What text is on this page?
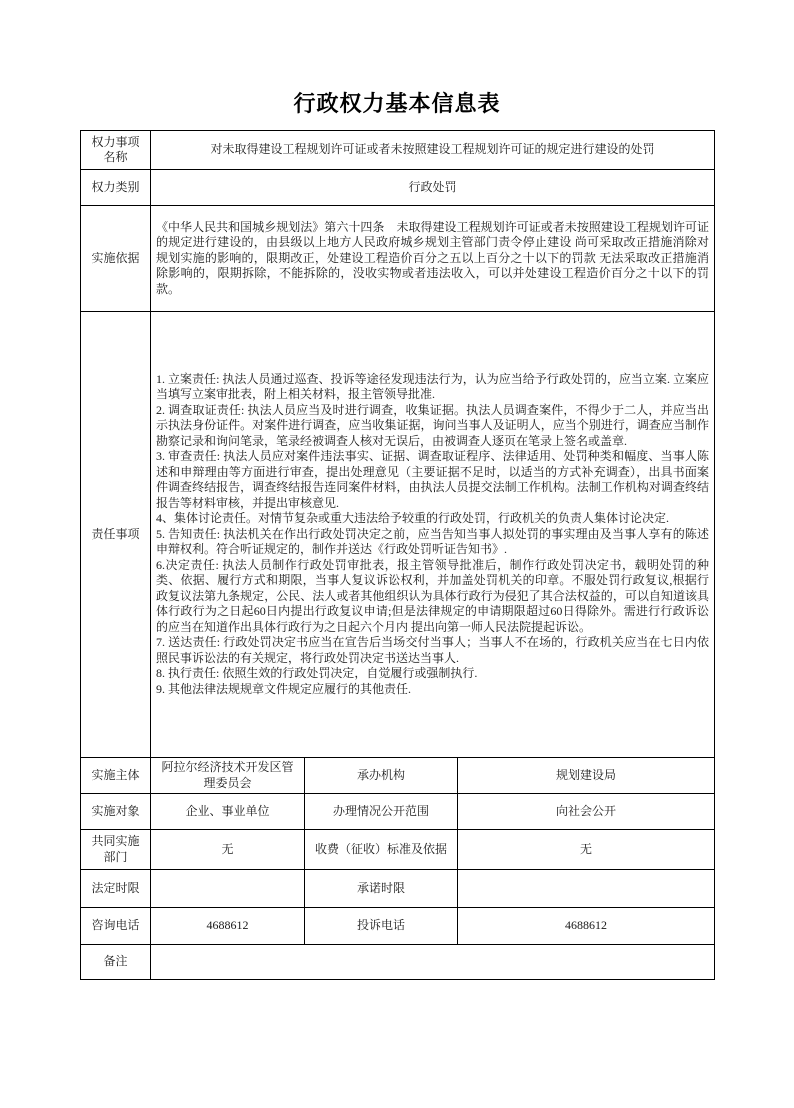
行政权力基本信息表
权力事项名称	对未取得建设工程规划许可证或者未按照建设工程规划许可证的规定进行建设的处罚		
权力类别	行政处罚		
实施依据	《中华人民共和国城乡规划法》第六十四条　未取得建设工程规划许可证或者未按照建设工程规划许可证的规定进行建设的，由县级以上地方人民政府城乡规划主管部门责令停止建设 尚可采取改正措施消除对规划实施的影响的，限期改正，处建设工程造价百分之五以上百分之十以下的罚款 无法采取改正措施消除影响的，限期拆除，不能拆除的，没收实物或者违法收入，可以并处建设工程造价百分之十以下的罚款。		
责任事项	
1. 立案责任: 执法人员通过巡查、投诉等途径发现违法行为，认为应当给予行政处罚的，应当立案. 立案应当填写立案审批表，附上相关材料，报主管领导批准.
2. 调查取证责任: 执法人员应当及时进行调查，收集证据。执法人员调查案件，不得少于二人，并应当出示执法身份证件。对案件进行调查，应当收集证据，询问当事人及证明人，应当个别进行，调查应当制作勘察记录和询问笔录，笔录经被调查人核对无误后，由被调查人逐页在笔录上签名或盖章.
3. 审查责任: 执法人员应对案件违法事实、证据、调查取证程序、法律适用、处罚种类和幅度、当事人陈述和申辩理由等方面进行审查，提出处理意见（主要证据不足时，以适当的方式补充调查），出具书面案件调查终结报告，调查终结报告连同案件材料，由执法人员提交法制工作机构。法制工作机构对调查终结报告等材料审核，并提出审核意见.
4、集体讨论责任。对情节复杂或重大违法给予较重的行政处罚，行政机关的负责人集体讨论决定.
5. 告知责任: 执法机关在作出行政处罚决定之前，应当告知当事人拟处罚的事实理由及当事人享有的陈述申辩权利。符合听证规定的，制作并送达《行政处罚听证告知书》.
6.决定责任: 执法人员制作行政处罚审批表，报主管领导批准后，制作行政处罚决定书，载明处罚的种类、依据、履行方式和期限，当事人复议诉讼权利，并加盖处罚机关的印章。不服处罚行政复议,根据行政复议法第九条规定，公民、法人或者其他组织认为具体行政行为侵犯了其合法权益的，可以自知道该具体行政行为之日起60日内提出行政复议申请;但是法律规定的申请期限超过60日得除外。需进行行政诉讼的应当在知道作出具体行政行为之日起六个月内 提出向第一师人民法院提起诉讼。
7. 送达责任: 行政处罚决定书应当在宣告后当场交付当事人；当事人不在场的，行政机关应当在七日内依照民事诉讼法的有关规定，将行政处罚决定书送达当事人.
8. 执行责任: 依照生效的行政处罚决定，自觉履行或强制执行.
9. 其他法律法规规章文件规定应履行的其他责任.

实施主体	阿拉尔经济技术开发区管理委员会	承办机构	规划建设局
实施对象	企业、事业单位	办理情况公开范围	向社会公开
共同实施部门	无	收费（征收）标准及依据	无
法定时限		承诺时限	
咨询电话	4688612	投诉电话	4688612
备注			
